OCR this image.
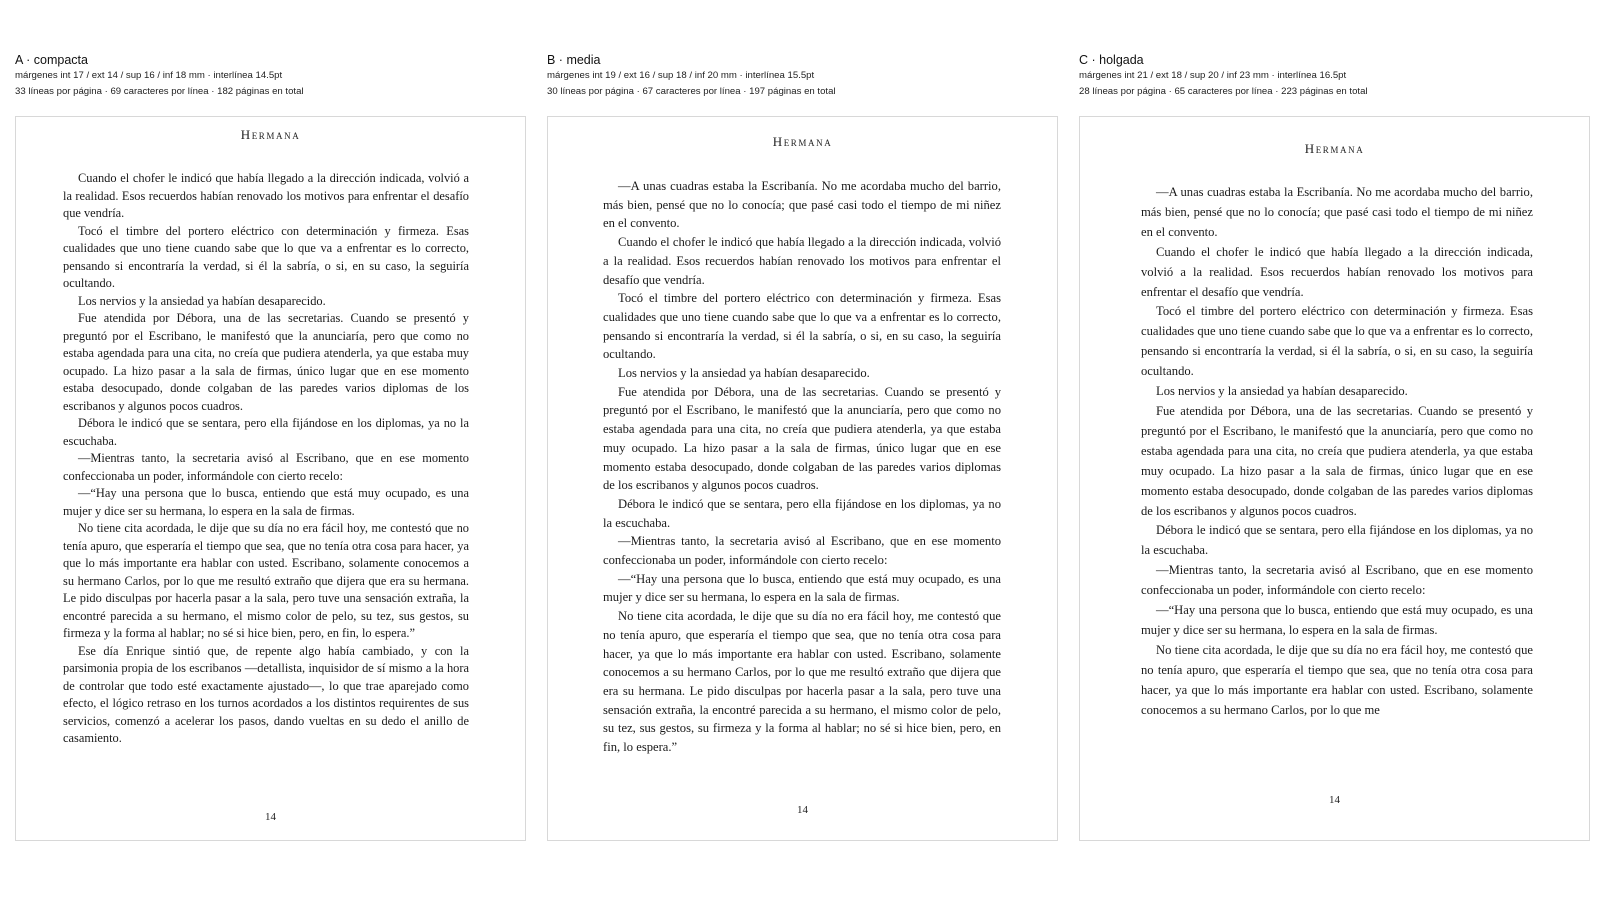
A · compacta
márgenes int 17 / ext 14 / sup 16 / inf 18 mm · interlínea 14.5pt
33 líneas por página · 69 caracteres por línea · 182 páginas en total
Hermana

Cuando el chofer le indicó que había llegado a la dirección indicada, volvió a la realidad. Esos recuerdos habían renovado los motivos para enfrentar el desafío que vendría.

Tocó el timbre del portero eléctrico con determinación y firmeza. Esas cualidades que uno tiene cuando sabe que lo que va a enfrentar es lo correcto, pensando si encontraría la verdad, si él la sabría, o si, en su caso, la seguiría ocultando.

Los nervios y la ansiedad ya habían desaparecido.

Fue atendida por Débora, una de las secretarias. Cuando se presentó y preguntó por el Escribano, le manifestó que la anunciaría, pero que como no estaba agendada para una cita, no creía que pudiera atenderla, ya que estaba muy ocupado. La hizo pasar a la sala de firmas, único lugar que en ese momento estaba desocupado, donde colgaban de las paredes varios diplomas de los escribanos y algunos pocos cuadros.

Débora le indicó que se sentara, pero ella fijándose en los diplomas, ya no la escuchaba.

—Mientras tanto, la secretaria avisó al Escribano, que en ese momento confeccionaba un poder, informándole con cierto recelo:

—“Hay una persona que lo busca, entiendo que está muy ocupado, es una mujer y dice ser su hermana, lo espera en la sala de firmas.

No tiene cita acordada, le dije que su día no era fácil hoy, me contestó que no tenía apuro, que esperaría el tiempo que sea, que no tenía otra cosa para hacer, ya que lo más importante era hablar con usted. Escribano, solamente conocemos a su hermano Carlos, por lo que me resultó extraño que dijera que era su hermana. Le pido disculpas por hacerla pasar a la sala, pero tuve una sensación extraña, la encontré parecida a su hermano, el mismo color de pelo, su tez, sus gestos, su firmeza y la forma al hablar; no sé si hice bien, pero, en fin, lo espera.”

Ese día Enrique sintió que, de repente algo había cambiado, y con la parsimonia propia de los escribanos —detallista, inquisidor de sí mismo a la hora de controlar que todo esté exactamente ajustado—, lo que trae aparejado como efecto, el lógico retraso en los turnos acordados a los distintos requirentes de sus servicios, comenzó a acelerar los pasos, dando vueltas en su dedo el anillo de casamiento.

14
B · media
márgenes int 19 / ext 16 / sup 18 / inf 20 mm · interlínea 15.5pt
30 líneas por página · 67 caracteres por línea · 197 páginas en total
Hermana

—A unas cuadras estaba la Escribanía. No me acordaba mucho del barrio, más bien, pensé que no lo conocía; que pasé casi todo el tiempo de mi niñez en el convento.

Cuando el chofer le indicó que había llegado a la dirección indicada, volvió a la realidad. Esos recuerdos habían renovado los motivos para enfrentar el desafío que vendría.

Tocó el timbre del portero eléctrico con determinación y firmeza. Esas cualidades que uno tiene cuando sabe que lo que va a enfrentar es lo correcto, pensando si encontraría la verdad, si él la sabría, o si, en su caso, la seguiría ocultando.

Los nervios y la ansiedad ya habían desaparecido.

Fue atendida por Débora, una de las secretarias. Cuando se presentó y preguntó por el Escribano, le manifestó que la anunciaría, pero que como no estaba agendada para una cita, no creía que pudiera atenderla, ya que estaba muy ocupado. La hizo pasar a la sala de firmas, único lugar que en ese momento estaba desocupado, donde colgaban de las paredes varios diplomas de los escribanos y algunos pocos cuadros.

Débora le indicó que se sentara, pero ella fijándose en los diplomas, ya no la escuchaba.

—Mientras tanto, la secretaria avisó al Escribano, que en ese momento confeccionaba un poder, informándole con cierto recelo:

—“Hay una persona que lo busca, entiendo que está muy ocupado, es una mujer y dice ser su hermana, lo espera en la sala de firmas.

No tiene cita acordada, le dije que su día no era fácil hoy, me contestó que no tenía apuro, que esperaría el tiempo que sea, que no tenía otra cosa para hacer, ya que lo más importante era hablar con usted. Escribano, solamente conocemos a su hermano Carlos, por lo que me resultó extraño que dijera que era su hermana. Le pido disculpas por hacerla pasar a la sala, pero tuve una sensación extraña, la encontré parecida a su hermano, el mismo color de pelo, su tez, sus gestos, su firmeza y la forma al hablar; no sé si hice bien, pero, en fin, lo espera.”

14
C · holgada
márgenes int 21 / ext 18 / sup 20 / inf 23 mm · interlínea 16.5pt
28 líneas por página · 65 caracteres por línea · 223 páginas en total
Hermana

—A unas cuadras estaba la Escribanía. No me acordaba mucho del barrio, más bien, pensé que no lo conocía; que pasé casi todo el tiempo de mi niñez en el convento.

Cuando el chofer le indicó que había llegado a la dirección indicada, volvió a la realidad. Esos recuerdos habían renovado los motivos para enfrentar el desafío que vendría.

Tocó el timbre del portero eléctrico con determinación y firmeza. Esas cualidades que uno tiene cuando sabe que lo que va a enfrentar es lo correcto, pensando si encontraría la verdad, si él la sabría, o si, en su caso, la seguiría ocultando.

Los nervios y la ansiedad ya habían desaparecido.

Fue atendida por Débora, una de las secretarias. Cuando se presentó y preguntó por el Escribano, le manifestó que la anunciaría, pero que como no estaba agendada para una cita, no creía que pudiera atenderla, ya que estaba muy ocupado. La hizo pasar a la sala de firmas, único lugar que en ese momento estaba desocupado, donde colgaban de las paredes varios diplomas de los escribanos y algunos pocos cuadros.

Débora le indicó que se sentara, pero ella fijándose en los diplomas, ya no la escuchaba.

—Mientras tanto, la secretaria avisó al Escribano, que en ese momento confeccionaba un poder, informándole con cierto recelo:

—“Hay una persona que lo busca, entiendo que está muy ocupado, es una mujer y dice ser su hermana, lo espera en la sala de firmas.

No tiene cita acordada, le dije que su día no era fácil hoy, me contestó que no tenía apuro, que esperaría el tiempo que sea, que no tenía otra cosa para hacer, ya que lo más importante era hablar con usted. Escribano, solamente conocemos a su hermano Carlos, por lo que me

14
